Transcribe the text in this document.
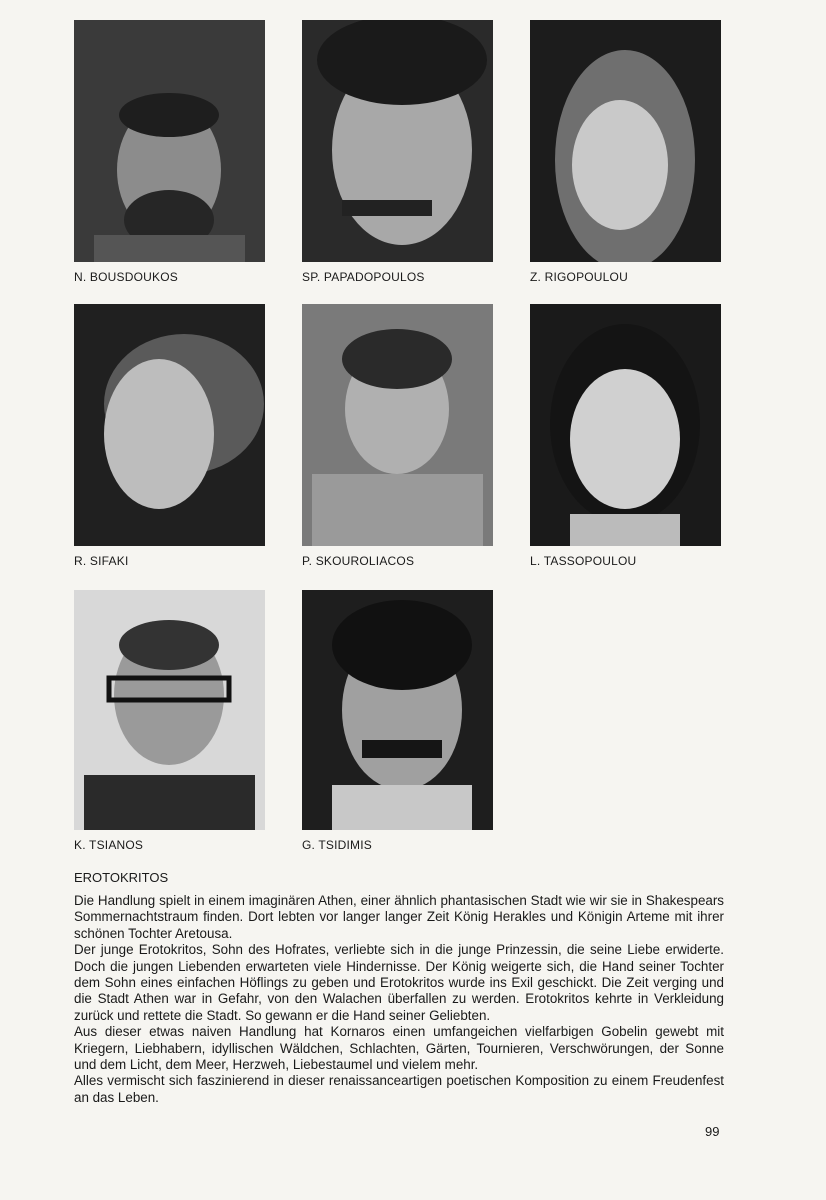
N. BOUSDOUKOS	SP. PAPADOPOULOS	Z. RIGOPOULOU
R. SIFAKI	P. SKOUROLIACOS	L. TASSOPOULOU
K. TSIANOS	G. TSIDIMIS
EROTOKRITOS

Die Handlung spielt in einem imaginären Athen, einer ähnlich phantasischen Stadt wie wir sie in Shakespears Sommernachtstraum finden. Dort lebten vor langer langer Zeit König Herakles und Königin Arteme mit ihrer schönen Tochter Aretousa.

Der junge Erotokritos, Sohn des Hofrates, verliebte sich in die junge Prinzessin, die seine Liebe erwiderte. Doch die jungen Liebenden erwarteten viele Hindernisse. Der König weigerte sich, die Hand seiner Tochter dem Sohn eines einfachen Höflings zu geben und Erotokritos wurde ins Exil geschickt. Die Zeit verging und die Stadt Athen war in Gefahr, von den Walachen überfallen zu werden. Erotokritos kehrte in Verkleidung zurück und rettete die Stadt. So gewann er die Hand seiner Geliebten.

Aus dieser etwas naiven Handlung hat Kornaros einen umfangeichen vielfarbigen Gobelin gewebt mit Kriegern, Liebhabern, idyllischen Wäldchen, Schlachten, Gärten, Tournieren, Verschwörungen, der Sonne und dem Licht, dem Meer, Herzweh, Liebestaumel und vielem mehr.

Alles vermischt sich faszinierend in dieser renaissanceartigen poetischen Komposition zu einem Freudenfest an das Leben.

99
